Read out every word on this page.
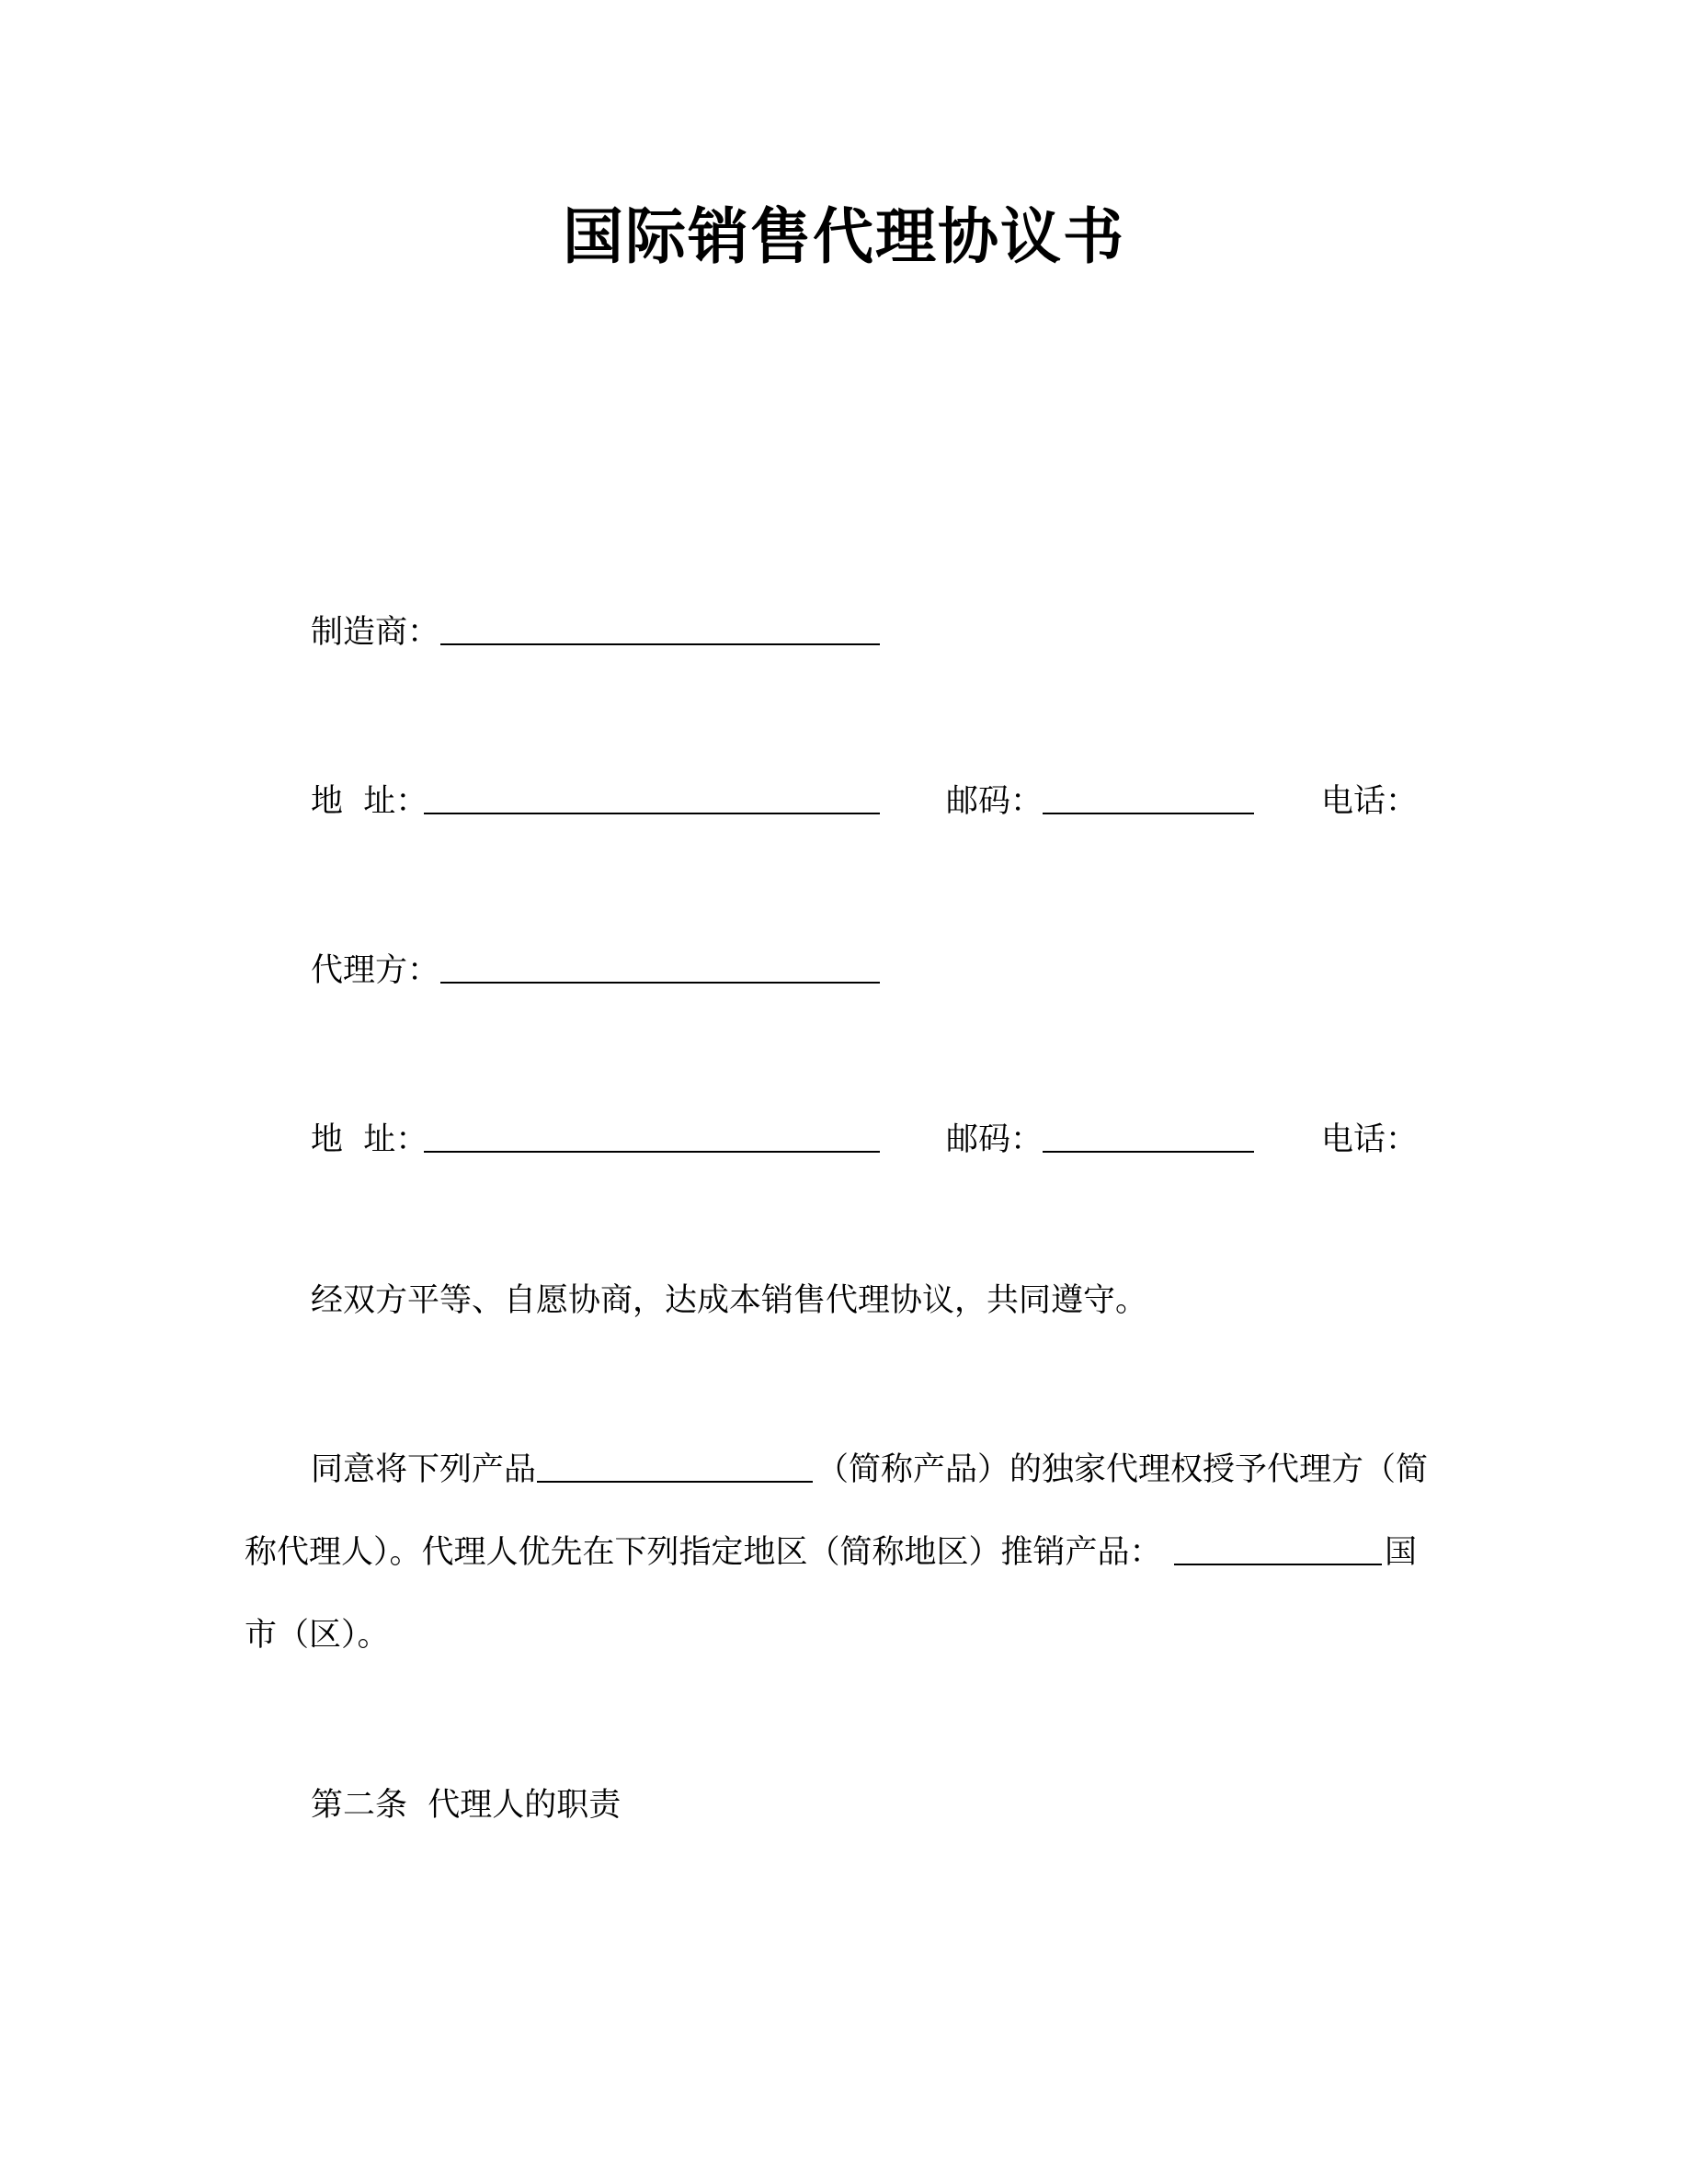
国际销售代理协议书
制造商：
地  址：	邮码：	电话：
代理方：
地  址：	邮码：	电话：
经双方平等、自愿协商，达成本销售代理协议，共同遵守。
同意将下列产品	（简称产品）的独家代理权授予代理方（简
称代理人）。代理人优先在下列指定地区（简称地区）推销产品：	国
市（区）。
第二条  代理人的职责
